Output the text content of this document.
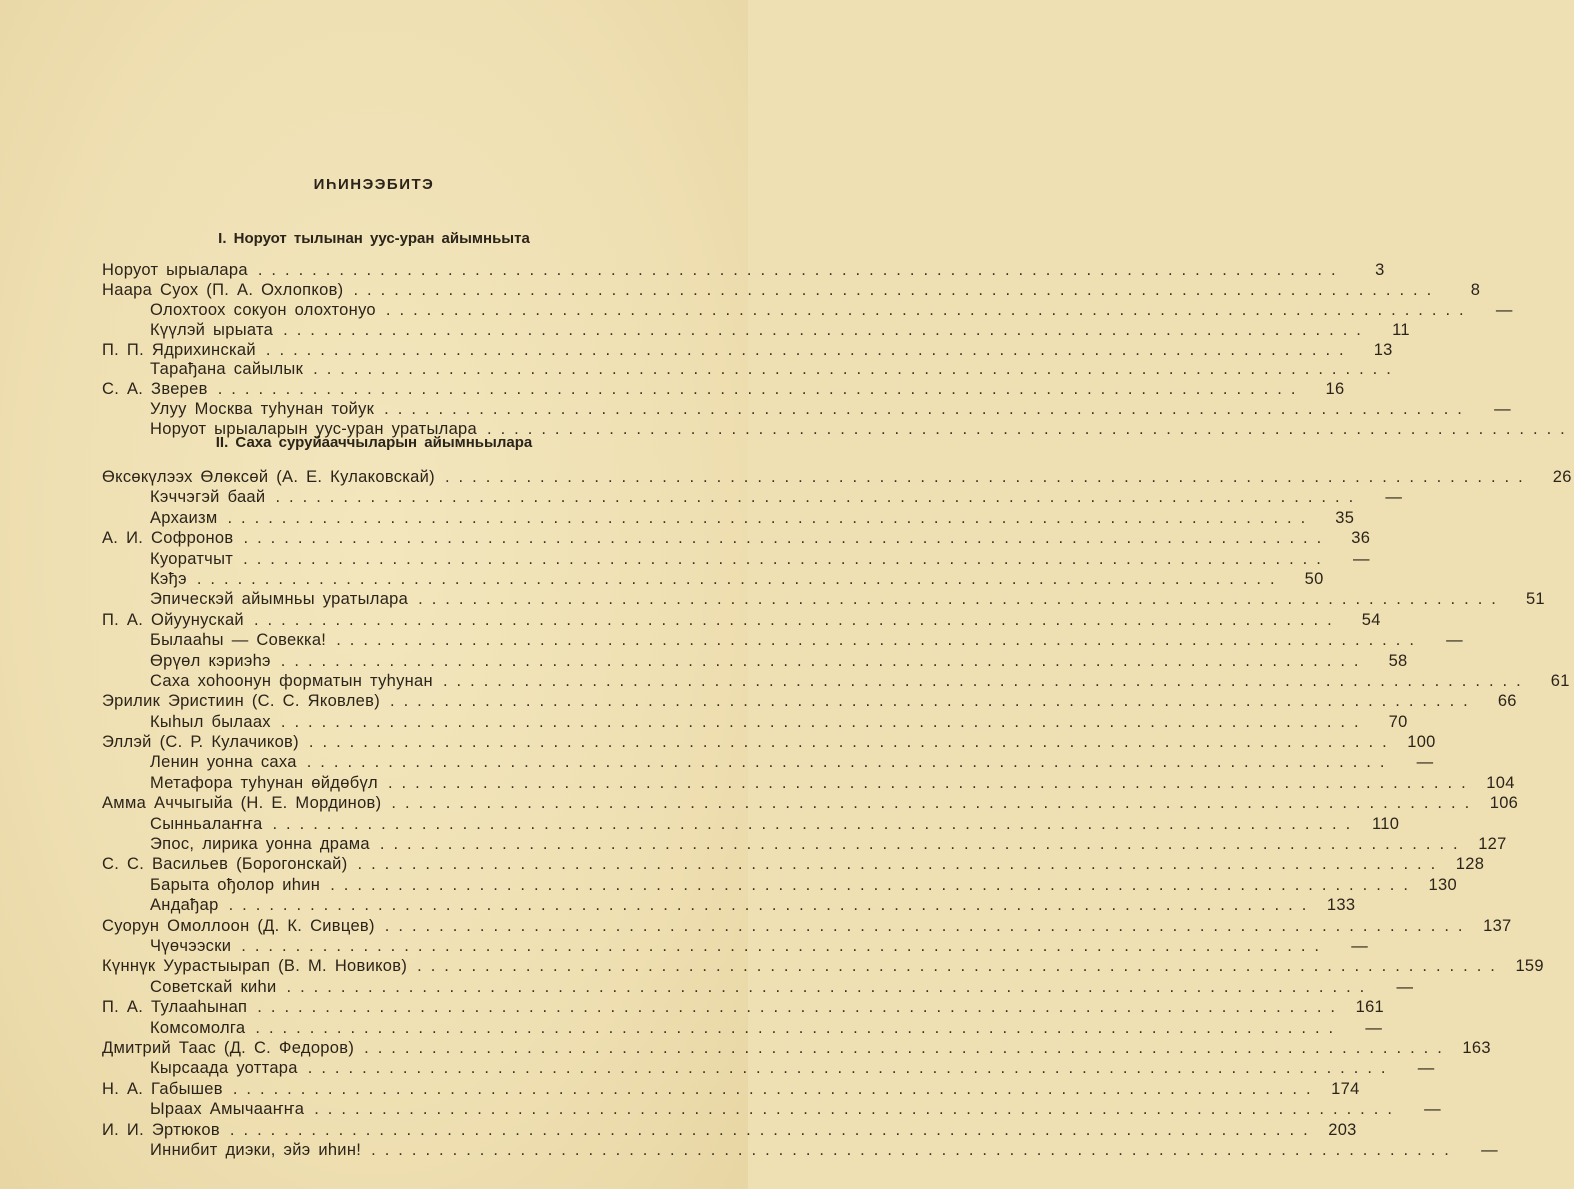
ИҺИНЭЭБИТЭ
I. Норуот тылынан уус-уран айымньыта
Норуот ырыалара ................................................................................	3
Наара Суох (П. А. Охлопков) ................................................................................	8
Олохтоох сокуон олохтонуо ................................................................................	—
Күүлэй ырыата ................................................................................	11
П. П. Ядрихинскай ................................................................................	13
Тарађана сайылык ................................................................................
С. А. Зверев ................................................................................	16
Улуу Москва туһунан тойук ................................................................................	—
Норуот ырыаларын уус-уран уратылара ................................................................................
II. Саха суруйааччыларын айымньылара
Өксөкүлээх Өлөксөй (А. Е. Кулаковскай) ................................................................................	26
Кэччэгэй баай ................................................................................	—
Архаизм ................................................................................	35
А. И. Софронов ................................................................................	36
Куоратчыт ................................................................................	—
Кэђэ ................................................................................	50
Эпическэй айымньы уратылара ................................................................................	51
П. А. Ойуунускай ................................................................................	54
Былааһы — Совекка! ................................................................................	—
Өрүөл кэриэһэ ................................................................................	58
Саха хоһоонун форматын туһунан ................................................................................	61
Эрилик Эристиин (С. С. Яковлев) ................................................................................	66
Кыһыл былаах ................................................................................	70
Эллэй (С. Р. Кулачиков) ................................................................................ 100
Ленин уонна саха ................................................................................	—
Метафора туһунан өйдөбүл ................................................................................ 104
Амма Аччыгыйа (Н. Е. Мординов) ................................................................................ 106
Сынньалаҥҥа ................................................................................ 110
Эпос, лирика уонна драма ................................................................................ 127
С. С. Васильев (Борогонскай) ................................................................................ 128
Барыта ођолор иһин ................................................................................ 130
Андађар ................................................................................ 133
Суорун Омоллоон (Д. К. Сивцев) ................................................................................ 137
Чүөчээски ................................................................................	—
Күннүк Уурастыырап (В. М. Новиков) ................................................................................ 159
Советскай киһи ................................................................................	—
П. А. Тулааһынап ................................................................................ 161
Комсомолга ................................................................................	—
Дмитрий Таас (Д. С. Федоров) ................................................................................ 163
Кырсаада уоттара ................................................................................	—
Н. А. Габышев ................................................................................ 174
Ыраах Амычааҥҥа ................................................................................	—
И. И. Эртюков ................................................................................ 203
Иннибит диэки, эйэ иһин! ................................................................................	—
